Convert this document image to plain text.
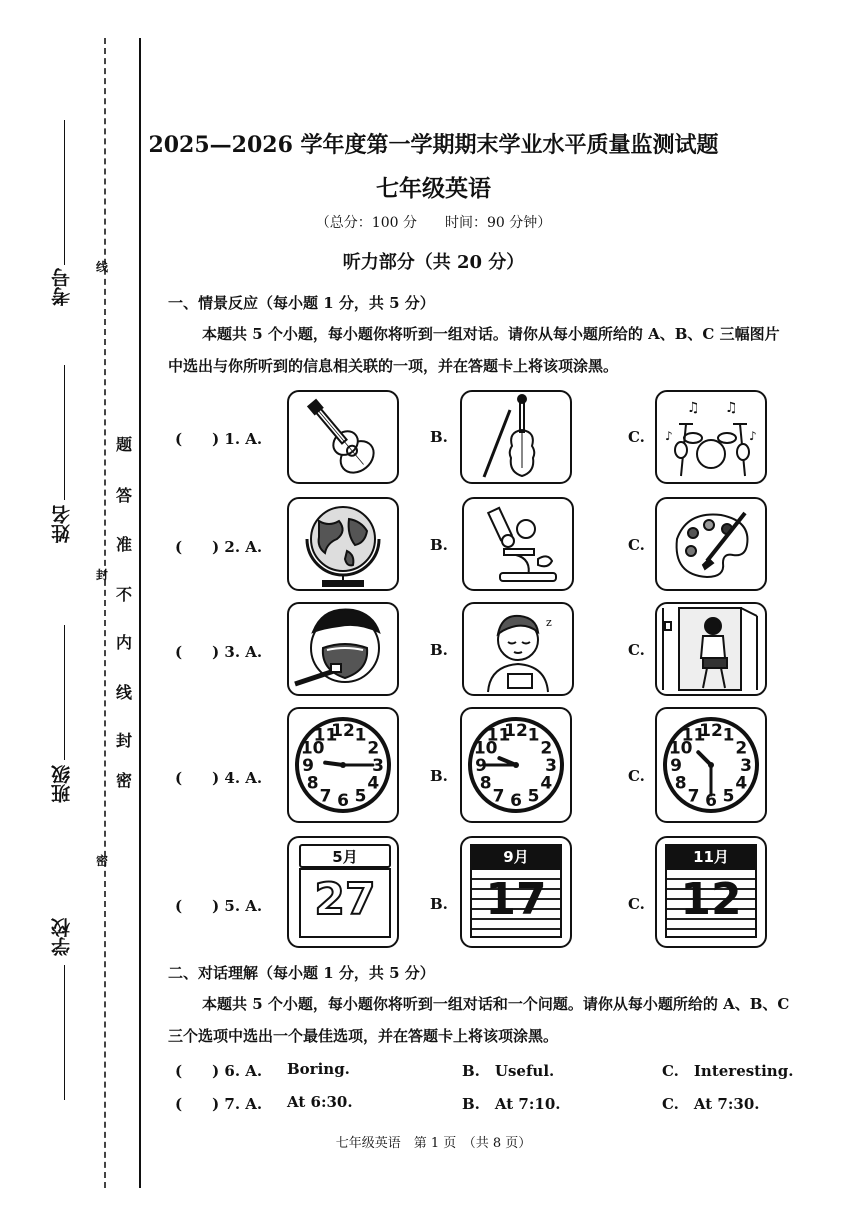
考号
姓名
班级
学校
题
答
准
不
内
线
封
密
线
封
密
2025—2026 学年度第一学期期末学业水平质量监测试题
七年级英语
（总分：100 分　　时间：90 分钟）
听力部分（共 20 分）
一、情景反应（每小题 1 分，共 5 分）
本题共 5 个小题，每小题你将听到一组对话。请你从每小题所给的 A、B、C 三幅图片
中选出与你所听到的信息相关联的一项，并在答题卡上将该项涂黑。
(　　) 1. A.	B.	C.
♫ ♫
♪	♪
(　　) 2. A.	B.	C.
(　　) 3. A.	B.	C.
z
(　　) 4. A.	B.	C.
1
2
3
4
5
6
7
8
9
10
11
12	1
2
3
4
5
6
7
8
9
10
11
12	1
2
3
4
5
6
7
8
9
10
11
12
(　　) 5. A.	B.	C.
5月
27
9月
17
11月
12
二、对话理解（每小题 1 分，共 5 分）
本题共 5 个小题，每小题你将听到一组对话和一个问题。请你从每小题所给的 A、B、C
三个选项中选出一个最佳选项，并在答题卡上将该项涂黑。
(　　) 6. A. Boring.	B.　Useful.	C.　Interesting.
(　　) 7. A. At 6:30.	B.　At 7:10.	C.　At 7:30.
七年级英语　第 1 页　（共 8 页）
